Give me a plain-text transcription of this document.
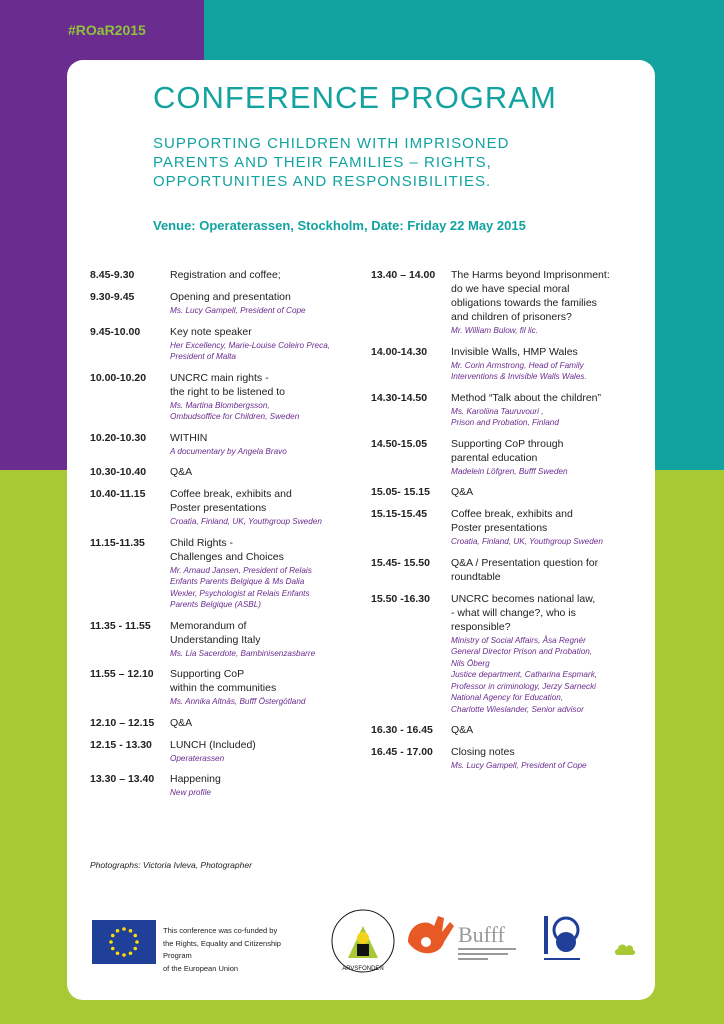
#ROaR2015
CONFERENCE PROGRAM
SUPPORTING CHILDREN WITH IMPRISONED PARENTS AND THEIR FAMILIES – RIGHTS, OPPORTUNITIES AND RESPONSIBILITIES.
Venue: Operaterassen, Stockholm, Date: Friday 22 May 2015
8.45-9.30	Registration and coffee;
9.30-9.45	Opening and presentation
Ms. Lucy Gampell, President of Cope
9.45-10.00	Key note speaker
Her Excellency, Marie-Louise Coleiro Preca,
President of Malta
10.00-10.20	UNCRC main rights -
the right to be listened to
Ms. Martina Blombergsson,
Ombudsoffice for Children, Sweden
10.20-10.30	WITHIN
A documentary by Angela Bravo
10.30-10.40	Q&A
10.40-11.15	Coffee break, exhibits and
Poster presentations
Croatia, Finland, UK, Youthgroup Sweden
11.15-11.35	Child Rights -
Challenges and Choices
Mr. Arnaud Jansen, President of Relais
Enfants Parents Belgique & Ms Dalia
Wexler, Psychologist at Relais Enfants
Parents Belgique (ASBL)
11.35 - 11.55	Memorandum of
Understanding Italy
Ms. Lia Sacerdote, Bambinisenzasbarre
11.55 – 12.10	Supporting CoP
within the communities
Ms. Annika Altnäs, Bufff Östergötland
12.10 – 12.15	Q&A
12.15 - 13.30	LUNCH (Included)
Operaterassen
13.30 – 13.40	Happening
New profile
13.40 – 14.00	The Harms beyond Imprisonment:
do we have special moral
obligations towards the families
and children of prisoners?
Mr. William Bulow, fil lic.
14.00-14.30	Invisible Walls, HMP Wales
Mr. Corin Armstrong, Head of Family
Interventions & Invisible Walls Wales.
14.30-14.50	Method “Talk about the children”
Ms. Karoliina Tauruvouri ,
Prison and Probation, Finland
14.50-15.05	Supporting CoP through
parental education
Madelein Löfgren, Bufff Sweden
15.05- 15.15	Q&A
15.15-15.45	Coffee break, exhibits and
Poster presentations
Croatia, Finland, UK, Youthgroup Sweden
15.45- 15.50	Q&A / Presentation question for
roundtable
15.50 -16.30	UNCRC becomes national law,
- what will change?, who is
responsible?
Ministry of Social Affairs, Åsa Regnér
General Director Prison and Probation,
Nils Öberg
Justice department, Catharina Espmark,
Professor in criminology, Jerzy Sarnecki
National Agency for Education,
Charlotte Wieslander, Senior advisor
16.30 - 16.45	Q&A
16.45 - 17.00	Closing notes
Ms. Lucy Gampell, President of Cope
Photographs: Victoria Ivleva, Photographer
This conference was co-funded by
the Rights, Equality and Citizenship Program
of the European Union	ARVSFONDEN
Bufff
